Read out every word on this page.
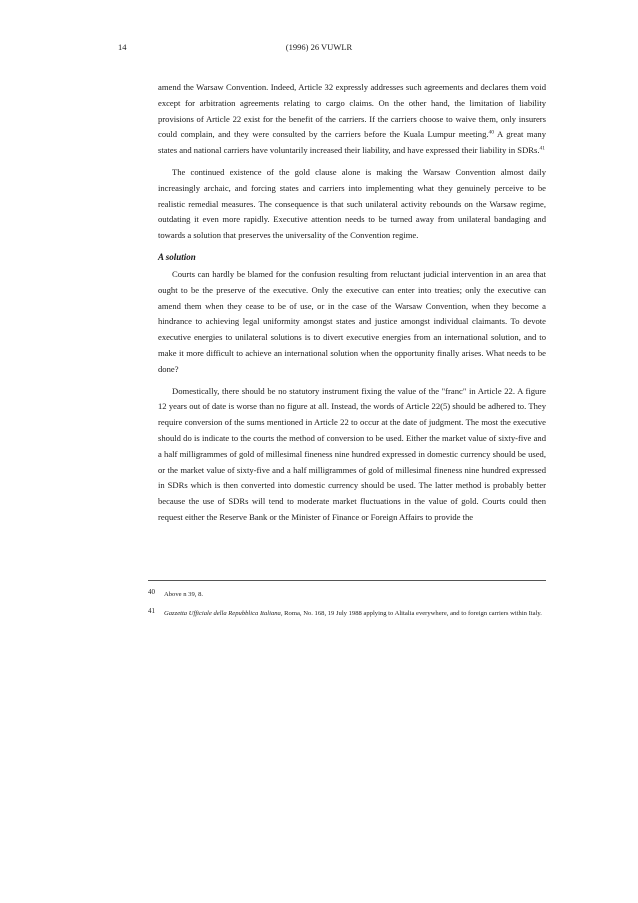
14	(1996) 26 VUWLR

amend the Warsaw Convention. Indeed, Article 32 expressly addresses such agreements and declares them void except for arbitration agreements relating to cargo claims. On the other hand, the limitation of liability provisions of Article 22 exist for the benefit of the carriers. If the carriers choose to waive them, only insurers could complain, and they were consulted by the carriers before the Kuala Lumpur meeting.$^{40}$ A great many states and national carriers have voluntarily increased their liability, and have expressed their liability in SDRs.$^{41}$

The continued existence of the gold clause alone is making the Warsaw Convention almost daily increasingly archaic, and forcing states and carriers into implementing what they genuinely perceive to be realistic remedial measures. The consequence is that such unilateral activity rebounds on the Warsaw regime, outdating it even more rapidly. Executive attention needs to be turned away from unilateral bandaging and towards a solution that preserves the universality of the Convention regime.

A solution

Courts can hardly be blamed for the confusion resulting from reluctant judicial intervention in an area that ought to be the preserve of the executive. Only the executive can enter into treaties; only the executive can amend them when they cease to be of use, or in the case of the Warsaw Convention, when they become a hindrance to achieving legal uniformity amongst states and justice amongst individual claimants. To devote executive energies to unilateral solutions is to divert executive energies from an international solution, and to make it more difficult to achieve an international solution when the opportunity finally arises. What needs to be done?

Domestically, there should be no statutory instrument fixing the value of the "franc" in Article 22. A figure 12 years out of date is worse than no figure at all. Instead, the words of Article 22(5) should be adhered to. They require conversion of the sums mentioned in Article 22 to occur at the date of judgment. The most the executive should do is indicate to the courts the method of conversion to be used. Either the market value of sixty-five and a half milligrammes of gold of millesimal fineness nine hundred expressed in domestic currency should be used, or the market value of sixty-five and a half milligrammes of gold of millesimal fineness nine hundred expressed in SDRs which is then converted into domestic currency should be used. The latter method is probably better because the use of SDRs will tend to moderate market fluctuations in the value of gold. Courts could then request either the Reserve Bank or the Minister of Finance or Foreign Affairs to provide the

40 Above n 39, 8.
41 Gazzetta Ufficiale della Repubblica Italiana, Roma, No. 168, 19 July 1988 applying to Alitalia everywhere, and to foreign carriers within Italy.
